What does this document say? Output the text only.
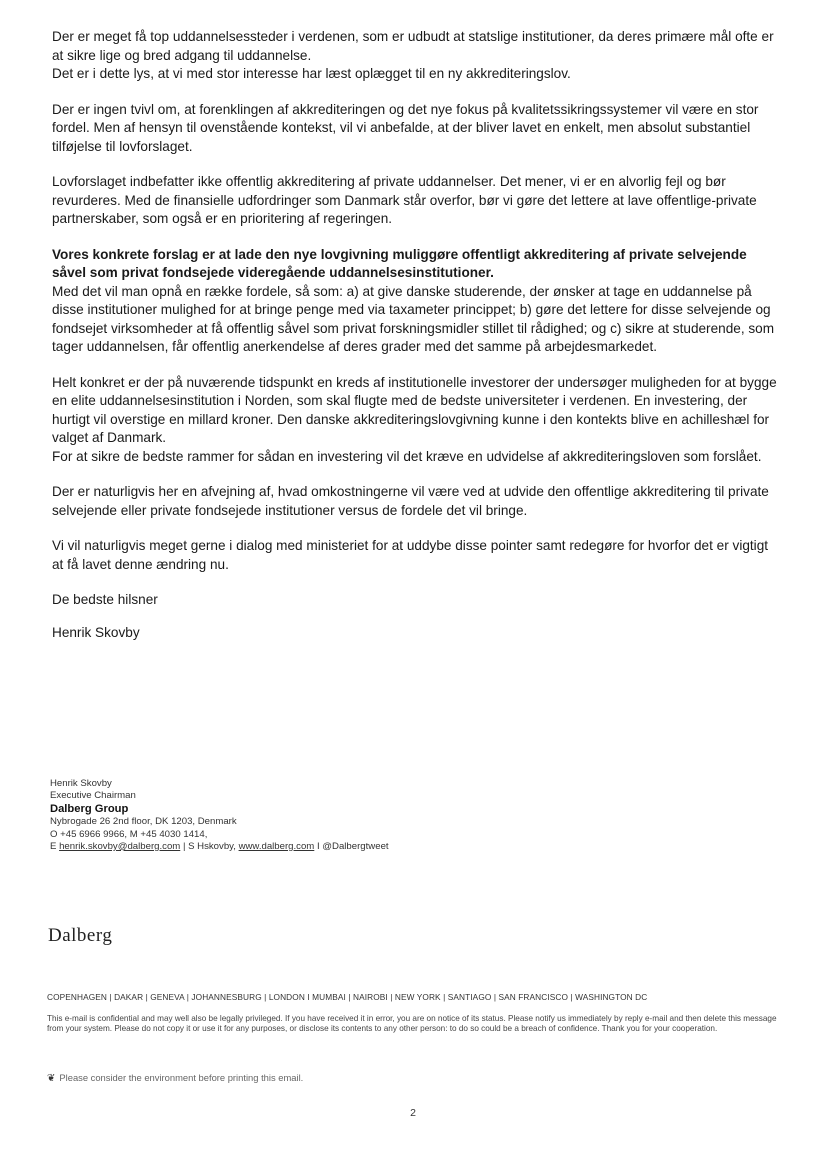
Der er meget få top uddannelsessteder i verdenen, som er udbudt at statslige institutioner, da deres primære mål ofte er at sikre lige og bred adgang til uddannelse.
Det er i dette lys, at vi med stor interesse har læst oplægget til en ny akkrediteringslov.

Der er ingen tvivl om, at forenklingen af akkrediteringen og det nye fokus på kvalitetssikringssystemer vil være en stor fordel. Men af hensyn til ovenstående kontekst, vil vi anbefalde, at der bliver lavet en enkelt, men absolut substantiel tilføjelse til lovforslaget.

Lovforslaget indbefatter ikke offentlig akkreditering af private uddannelser. Det mener, vi er en alvorlig fejl og bør revurderes. Med de finansielle udfordringer som Danmark står overfor, bør vi gøre det lettere at lave offentlige-private partnerskaber, som også er en prioritering af regeringen.

Vores konkrete forslag er at lade den nye lovgivning muliggøre offentligt akkreditering af private selvejende såvel som privat fondsejede videregående uddannelsesinstitutioner.
Med det vil man opnå en række fordele, så som: a) at give danske studerende, der ønsker at tage en uddannelse på disse institutioner mulighed for at bringe penge med via taxameter princippet; b) gøre det lettere for disse selvejende og fondsejet virksomheder at få offentlig såvel som privat forskningsmidler stillet til rådighed; og c) sikre at studerende, som tager uddannelsen, får offentlig anerkendelse af deres grader med det samme på arbejdesmarkedet.

Helt konkret er der på nuværende tidspunkt en kreds af institutionelle investorer der undersøger muligheden for at bygge en elite uddannelsesinstitution i Norden, som skal flugte med de bedste universiteter i verdenen. En investering, der hurtigt vil overstige en millard kroner. Den danske akkrediteringslovgivning kunne i den kontekts blive en achilleshæl for valget af Danmark.
For at sikre de bedste rammer for sådan en investering vil det kræve en udvidelse af akkrediteringsloven som forslået.

Der er naturligvis her en afvejning af, hvad omkostningerne vil være ved at udvide den offentlige akkreditering til private selvejende eller private fondsejede institutioner versus de fordele det vil bringe.

Vi vil naturligvis meget gerne i dialog med ministeriet for at uddybe disse pointer samt redegøre for hvorfor det er vigtigt at få lavet denne ændring nu.

De bedste hilsner

Henrik Skovby

Henrik Skovby
Executive Chairman
Dalberg Group
Nybrogade 26 2nd floor, DK 1203, Denmark
O +45 6966 9966, M +45 4030 1414,
E henrik.skovby@dalberg.com | S Hskovby, www.dalberg.com I @Dalbergtweet
Dalberg
COPENHAGEN | DAKAR | GENEVA | JOHANNESBURG | LONDON I MUMBAI | NAIROBI | NEW YORK | SANTIAGO | SAN FRANCISCO | WASHINGTON DC
This e-mail is confidential and may well also be legally privileged. If you have received it in error, you are on notice of its status. Please notify us immediately by reply e-mail and then delete this message from your system. Please do not copy it or use it for any purposes, or disclose its contents to any other person: to do so could be a breach of confidence. Thank you for your cooperation.
❦ Please consider the environment before printing this email.
2
